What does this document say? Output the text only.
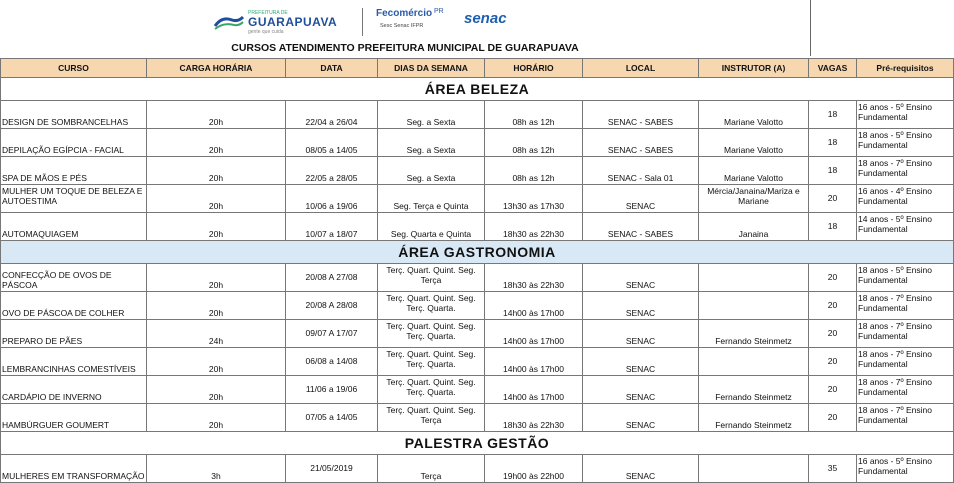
PREFEITURA DE
GUARAPUAVA
gente que cuida
Fecomércio PR
Sesc Senac IFPR	senac
CURSOS ATENDIMENTO PREFEITURA MUNICIPAL DE GUARAPUAVA
CURSO	CARGA HORÁRIA	DATA	DIAS DA SEMANA	HORÁRIO	LOCAL	INSTRUTOR (A)	VAGAS	Pré-requisitos
ÁREA BELEZA								
DESIGN DE SOMBRANCELHAS	20h	22/04 a 26/04	Seg. a Sexta	08h as 12h	SENAC - SABES	Mariane Valotto	18	16 anos - 5º Ensino Fundamental
DEPILAÇÃO EGÍPCIA - FACIAL	20h	08/05 a 14/05	Seg. a Sexta	08h as 12h	SENAC - SABES	Mariane Valotto	18	18 anos - 5º Ensino Fundamental
SPA DE MÃOS E PÉS	20h	22/05 a 28/05	Seg. a Sexta	08h as 12h	SENAC - Sala 01	Mariane Valotto	18	18 anos - 7º Ensino Fundamental
MULHER UM TOQUE DE BELEZA E AUTOESTIMA	20h	10/06 a 19/06	Seg. Terça e Quinta	13h30 as 17h30	SENAC	Mércia/Janaina/Mariza e Mariane	20	16 anos - 4º Ensino Fundamental
AUTOMAQUIAGEM	20h	10/07 a 18/07	Seg. Quarta e Quinta	18h30 as 22h30	SENAC - SABES	Janaina	18	14 anos - 5º Ensino Fundamental
ÁREA GASTRONOMIA								
CONFECÇÃO DE OVOS DE PÁSCOA	20h	20/08 A 27/08	Terç. Quart. Quint. Seg. Terça	18h30 às 22h30	SENAC		20	18 anos - 5º Ensino Fundamental
OVO DE PÁSCOA DE COLHER	20h	20/08 A 28/08	Terç. Quart. Quint. Seg. Terç. Quarta.	14h00 às 17h00	SENAC		20	18 anos - 7º Ensino Fundamental
PREPARO DE PÃES	24h	09/07 A 17/07	Terç. Quart. Quint. Seg. Terç. Quarta.	14h00 às 17h00	SENAC	Fernando Steinmetz	20	18 anos - 7º Ensino Fundamental
LEMBRANCINHAS COMESTÍVEIS	20h	06/08 a 14/08	Terç. Quart. Quint. Seg. Terç. Quarta.	14h00 às 17h00	SENAC		20	18 anos - 7º Ensino Fundamental
CARDÁPIO DE INVERNO	20h	11/06 a 19/06	Terç. Quart. Quint. Seg. Terç. Quarta.	14h00 às 17h00	SENAC	Fernando Steinmetz	20	18 anos - 7º Ensino Fundamental
HAMBÚRGUER GOUMERT	20h	07/05 a 14/05	Terç. Quart. Quint. Seg. Terça	18h30 às 22h30	SENAC	Fernando Steinmetz	20	18 anos - 7º Ensino Fundamental
PALESTRA GESTÃO								
MULHERES EM TRANSFORMAÇÃO	3h	21/05/2019	Terça	19h00 às 22h00	SENAC		35	16 anos - 5º Ensino Fundamental
